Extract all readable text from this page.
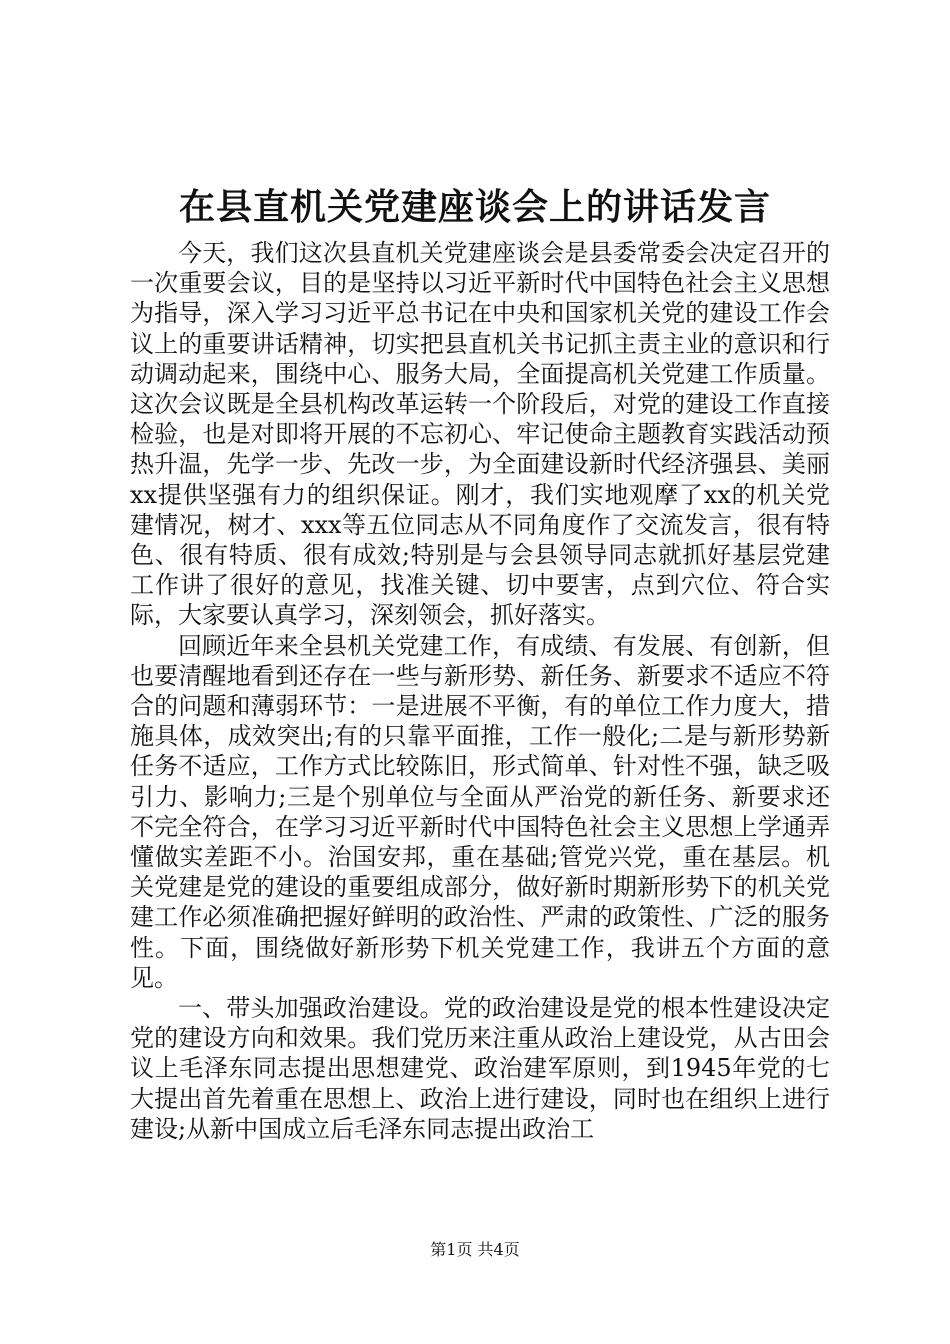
在县直机关党建座谈会上的讲话发言

今天，我们这次县直机关党建座谈会是县委常委会决定召开的一次重要会议，目的是坚持以习近平新时代中国特色社会主义思想为指导，深入学习习近平总书记在中央和国家机关党的建设工作会议上的重要讲话精神，切实把县直机关书记抓主责主业的意识和行动调动起来，围绕中心、服务大局，全面提高机关党建工作质量。这次会议既是全县机构改革运转一个阶段后，对党的建设工作直接检验，也是对即将开展的不忘初心、牢记使命主题教育实践活动预热升温，先学一步、先改一步，为全面建设新时代经济强县、美丽xx提供坚强有力的组织保证。刚才，我们实地观摩了xx的机关党建情况，树才、xxx等五位同志从不同角度作了交流发言，很有特色、很有特质、很有成效;特别是与会县领导同志就抓好基层党建工作讲了很好的意见，找准关键、切中要害，点到穴位、符合实际，大家要认真学习，深刻领会，抓好落实。

回顾近年来全县机关党建工作，有成绩、有发展、有创新，但也要清醒地看到还存在一些与新形势、新任务、新要求不适应不符合的问题和薄弱环节：一是进展不平衡，有的单位工作力度大，措施具体，成效突出;有的只靠平面推，工作一般化;二是与新形势新任务不适应，工作方式比较陈旧，形式简单、针对性不强，缺乏吸引力、影响力;三是个别单位与全面从严治党的新任务、新要求还不完全符合，在学习习近平新时代中国特色社会主义思想上学通弄懂做实差距不小。治国安邦，重在基础;管党兴党，重在基层。机关党建是党的建设的重要组成部分，做好新时期新形势下的机关党建工作必须准确把握好鲜明的政治性、严肃的政策性、广泛的服务性。下面，围绕做好新形势下机关党建工作，我讲五个方面的意见。

一、带头加强政治建设。党的政治建设是党的根本性建设决定党的建设方向和效果。我们党历来注重从政治上建设党，从古田会议上毛泽东同志提出思想建党、政治建军原则，到1945年党的七大提出首先着重在思想上、政治上进行建设，同时也在组织上进行建设;从新中国成立后毛泽东同志提出政治工

第1页 共4页
